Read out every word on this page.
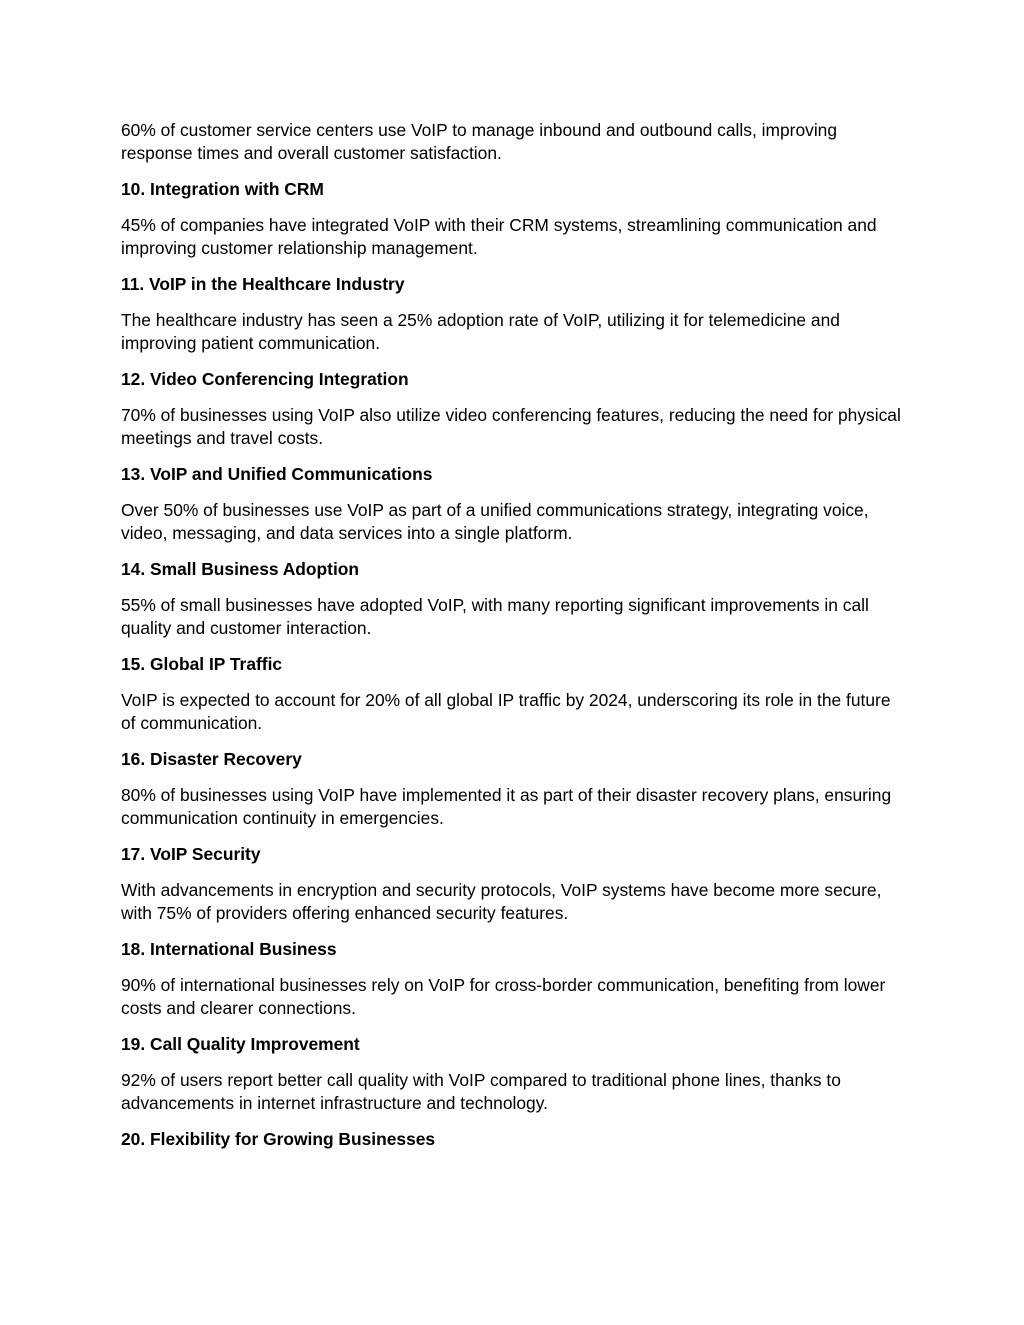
60% of customer service centers use VoIP to manage inbound and outbound calls, improving response times and overall customer satisfaction.

10. Integration with CRM

45% of companies have integrated VoIP with their CRM systems, streamlining communication and improving customer relationship management.

11. VoIP in the Healthcare Industry

The healthcare industry has seen a 25% adoption rate of VoIP, utilizing it for telemedicine and improving patient communication.

12. Video Conferencing Integration

70% of businesses using VoIP also utilize video conferencing features, reducing the need for physical meetings and travel costs.

13. VoIP and Unified Communications

Over 50% of businesses use VoIP as part of a unified communications strategy, integrating voice, video, messaging, and data services into a single platform.

14. Small Business Adoption

55% of small businesses have adopted VoIP, with many reporting significant improvements in call quality and customer interaction.

15. Global IP Traffic

VoIP is expected to account for 20% of all global IP traffic by 2024, underscoring its role in the future of communication.

16. Disaster Recovery

80% of businesses using VoIP have implemented it as part of their disaster recovery plans, ensuring communication continuity in emergencies.

17. VoIP Security

With advancements in encryption and security protocols, VoIP systems have become more secure, with 75% of providers offering enhanced security features.

18. International Business

90% of international businesses rely on VoIP for cross-border communication, benefiting from lower costs and clearer connections.

19. Call Quality Improvement

92% of users report better call quality with VoIP compared to traditional phone lines, thanks to advancements in internet infrastructure and technology.

20. Flexibility for Growing Businesses
